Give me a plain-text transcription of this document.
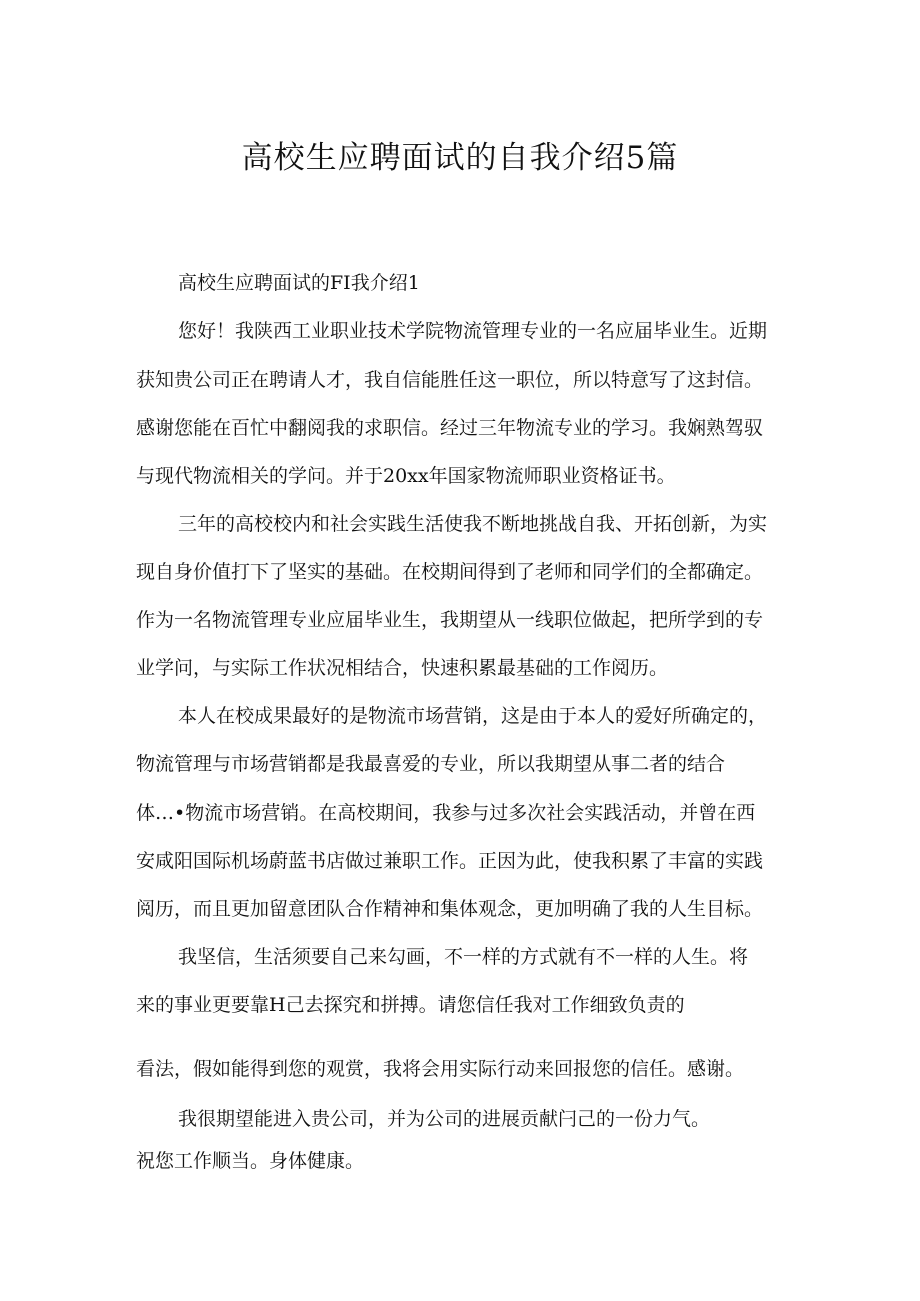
高校生应聘面试的自我介绍5篇

高校生应聘面试的FI我介绍1

您好！我陕西工业职业技术学院物流管理专业的一名应届毕业生。近期

获知贵公司正在聘请人才，我自信能胜任这一职位，所以特意写了这封信。

感谢您能在百忙中翻阅我的求职信。经过三年物流专业的学习。我娴熟驾驭

与现代物流相关的学问。并于20xx年国家物流师职业资格证书。

三年的高校校内和社会实践生活使我不断地挑战自我、开拓创新，为实

现自身价值打下了坚实的基础。在校期间得到了老师和同学们的全都确定。

作为一名物流管理专业应届毕业生，我期望从一线职位做起，把所学到的专

业学问，与实际工作状况相结合，快速积累最基础的工作阅历。

本人在校成果最好的是物流市场营销，这是由于本人的爱好所确定的，

物流管理与市场营销都是我最喜爱的专业，所以我期望从事二者的结合

体…•物流市场营销。在高校期间，我参与过多次社会实践活动，并曾在西

安咸阳国际机场蔚蓝书店做过兼职工作。正因为此，使我积累了丰富的实践

阅历，而且更加留意团队合作精神和集体观念，更加明确了我的人生目标。

我坚信，生活须要自己来勾画，不一样的方式就有不一样的人生。将

来的事业更要靠H己去探究和拼搏。请您信任我对工作细致负责的

看法，假如能得到您的观赏，我将会用实际行动来回报您的信任。感谢。

我很期望能进入贵公司，并为公司的进展贡献闩己的一份力气。

祝您工作顺当。身体健康。
